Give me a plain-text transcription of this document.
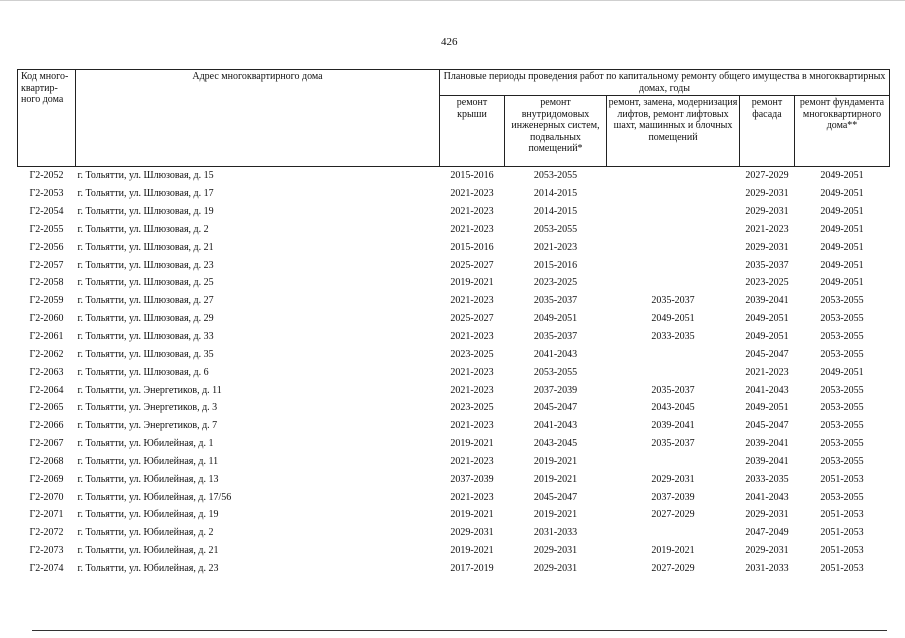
426
Код много- квартир- ного дома	Адрес многоквартирного дома	Плановые периоды проведения работ по капитальному ремонту общего имущества в многоквартирных домах, годы				
		ремонт крыши	ремонт внутридомовых инженерных систем, подвальных помещений*	ремонт, замена, модернизация лифтов, ремонт лифтовых шахт, машинных и блочных помещений	ремонт фасада	ремонт фундамента многоквартирного дома**
Г2-2052	г. Тольятти, ул. Шлюзовая, д. 15	2015-2016	2053-2055		2027-2029	2049-2051
Г2-2053	г. Тольятти, ул. Шлюзовая, д. 17	2021-2023	2014-2015		2029-2031	2049-2051
Г2-2054	г. Тольятти, ул. Шлюзовая, д. 19	2021-2023	2014-2015		2029-2031	2049-2051
Г2-2055	г. Тольятти, ул. Шлюзовая, д. 2	2021-2023	2053-2055		2021-2023	2049-2051
Г2-2056	г. Тольятти, ул. Шлюзовая, д. 21	2015-2016	2021-2023		2029-2031	2049-2051
Г2-2057	г. Тольятти, ул. Шлюзовая, д. 23	2025-2027	2015-2016		2035-2037	2049-2051
Г2-2058	г. Тольятти, ул. Шлюзовая, д. 25	2019-2021	2023-2025		2023-2025	2049-2051
Г2-2059	г. Тольятти, ул. Шлюзовая, д. 27	2021-2023	2035-2037	2035-2037	2039-2041	2053-2055
Г2-2060	г. Тольятти, ул. Шлюзовая, д. 29	2025-2027	2049-2051	2049-2051	2049-2051	2053-2055
Г2-2061	г. Тольятти, ул. Шлюзовая, д. 33	2021-2023	2035-2037	2033-2035	2049-2051	2053-2055
Г2-2062	г. Тольятти, ул. Шлюзовая, д. 35	2023-2025	2041-2043		2045-2047	2053-2055
Г2-2063	г. Тольятти, ул. Шлюзовая, д. 6	2021-2023	2053-2055		2021-2023	2049-2051
Г2-2064	г. Тольятти, ул. Энергетиков, д. 11	2021-2023	2037-2039	2035-2037	2041-2043	2053-2055
Г2-2065	г. Тольятти, ул. Энергетиков, д. 3	2023-2025	2045-2047	2043-2045	2049-2051	2053-2055
Г2-2066	г. Тольятти, ул. Энергетиков, д. 7	2021-2023	2041-2043	2039-2041	2045-2047	2053-2055
Г2-2067	г. Тольятти, ул. Юбилейная, д. 1	2019-2021	2043-2045	2035-2037	2039-2041	2053-2055
Г2-2068	г. Тольятти, ул. Юбилейная, д. 11	2021-2023	2019-2021		2039-2041	2053-2055
Г2-2069	г. Тольятти, ул. Юбилейная, д. 13	2037-2039	2019-2021	2029-2031	2033-2035	2051-2053
Г2-2070	г. Тольятти, ул. Юбилейная, д. 17/56	2021-2023	2045-2047	2037-2039	2041-2043	2053-2055
Г2-2071	г. Тольятти, ул. Юбилейная, д. 19	2019-2021	2019-2021	2027-2029	2029-2031	2051-2053
Г2-2072	г. Тольятти, ул. Юбилейная, д. 2	2029-2031	2031-2033		2047-2049	2051-2053
Г2-2073	г. Тольятти, ул. Юбилейная, д. 21	2019-2021	2029-2031	2019-2021	2029-2031	2051-2053
Г2-2074	г. Тольятти, ул. Юбилейная, д. 23	2017-2019	2029-2031	2027-2029	2031-2033	2051-2053
